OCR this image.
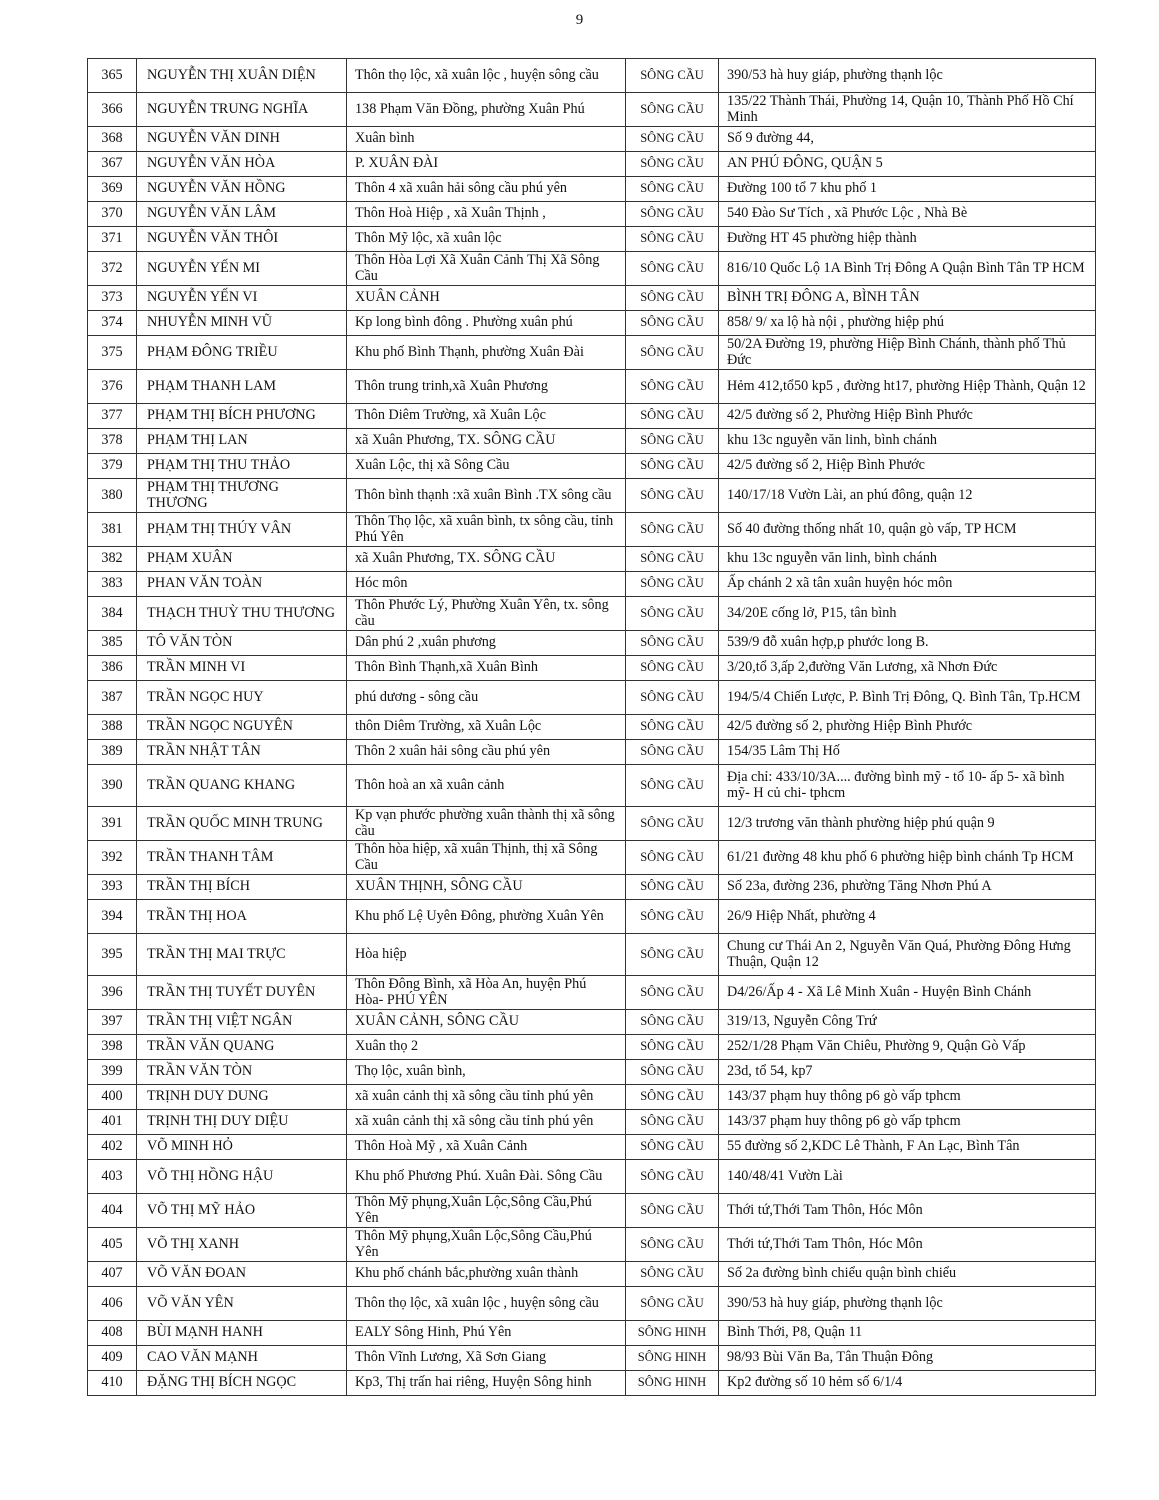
9
365	NGUYỄN THỊ XUÂN DIỆN	Thôn thọ lộc, xã xuân lộc , huyện sông cầu	SÔNG CẦU	390/53 hà huy giáp, phường thạnh lộc
366	NGUYỄN TRUNG NGHĨA	138 Phạm Văn Đồng, phường Xuân Phú	SÔNG CẦU	135/22 Thành Thái, Phường 14, Quận 10, Thành Phố Hồ Chí Minh
368	NGUYỄN VĂN DINH	Xuân bình	SÔNG CẦU	Số 9 đường 44,
367	NGUYỄN VĂN HÒA	P. XUÂN ĐÀI	SÔNG CẦU	AN PHÚ ĐÔNG, QUẬN 5
369	NGUYỄN VĂN HỒNG	Thôn 4 xã xuân hải sông cầu phú yên	SÔNG CẦU	Đường 100 tổ 7 khu phố 1
370	NGUYỄN VĂN LÂM	Thôn Hoà Hiệp , xã Xuân Thịnh ,	SÔNG CẦU	540 Đào Sư Tích , xã Phước Lộc , Nhà Bè
371	NGUYỄN VĂN THÔI	Thôn Mỹ lộc, xã xuân lộc	SÔNG CẦU	Đường HT 45 phường hiệp thành
372	NGUYỄN YẾN MI	Thôn Hòa Lợi Xã Xuân Cảnh Thị Xã Sông Cầu	SÔNG CẦU	816/10 Quốc Lộ 1A Bình Trị Đông A Quận Bình Tân TP HCM
373	NGUYỄN YẾN VI	XUÂN CẢNH	SÔNG CẦU	BÌNH TRỊ ĐÔNG A, BÌNH TÂN
374	NHUYỄN MINH VŨ	Kp long bình đông . Phường xuân phú	SÔNG CẦU	858/ 9/ xa lộ hà nội , phường hiệp phú
375	PHẠM ĐÔNG TRIỀU	Khu phố Bình Thạnh, phường Xuân Đài	SÔNG CẦU	50/2A Đường 19, phường Hiệp Bình Chánh, thành phố Thủ Đức
376	PHẠM THANH LAM	Thôn trung trinh,xã Xuân Phương	SÔNG CẦU	Hẻm 412,tổ50 kp5 , đường ht17, phường Hiệp Thành, Quận 12
377	PHẠM THỊ BÍCH PHƯƠNG	Thôn Diêm Trường, xã Xuân Lộc	SÔNG CẦU	42/5 đường số 2, Phường Hiệp Bình Phước
378	PHẠM THỊ LAN	xã Xuân Phương, TX. SÔNG CẦU	SÔNG CẦU	khu 13c nguyễn văn linh, bình chánh
379	PHẠM THỊ THU THẢO	Xuân Lộc, thị xã Sông Cầu	SÔNG CẦU	42/5 đường số 2, Hiệp Bình Phước
380	PHẠM THỊ THƯƠNG THƯƠNG	Thôn bình thạnh :xã xuân Bình .TX sông cầu	SÔNG CẦU	140/17/18 Vườn Lài, an phú đông, quận 12
381	PHẠM THỊ THÚY VÂN	Thôn Thọ lộc, xã xuân bình, tx sông cầu, tỉnh Phú Yên	SÔNG CẦU	Số 40 đường thống nhất 10, quận gò vấp, TP HCM
382	PHẠM XUÂN	xã Xuân Phương, TX. SÔNG CẦU	SÔNG CẦU	khu 13c nguyễn văn linh, bình chánh
383	PHAN VĂN TOÀN	Hóc môn	SÔNG CẦU	Ấp chánh 2 xã tân xuân huyện hóc môn
384	THẠCH THUỲ THU THƯƠNG	Thôn Phước Lý, Phường Xuân Yên, tx. sông cầu	SÔNG CẦU	34/20E cống lở, P15, tân bình
385	TÔ VĂN TÒN	Dân phú 2 ,xuân phương	SÔNG CẦU	539/9 đỗ xuân hợp,p phước long B.
386	TRẦN MINH VI	Thôn Bình Thạnh,xã Xuân Bình	SÔNG CẦU	3/20,tổ 3,ấp 2,đường Văn Lương, xã Nhơn Đức
387	TRẦN NGỌC HUY	phú dương - sông cầu	SÔNG CẦU	194/5/4 Chiến Lược, P. Bình Trị Đông, Q. Bình Tân, Tp.HCM
388	TRẦN NGỌC NGUYÊN	thôn Diêm Trường, xã Xuân Lộc	SÔNG CẦU	42/5 đường số 2, phường Hiệp Bình Phước
389	TRẦN NHẬT TÂN	Thôn 2 xuân hải sông cầu phú yên	SÔNG CẦU	154/35 Lâm Thị Hố
390	TRẦN QUANG KHANG	Thôn hoà an xã xuân cảnh	SÔNG CẦU	Địa chỉ: 433/10/3A.... đường bình mỹ - tổ 10- ấp 5- xã bình mỹ- H củ chi- tphcm
391	TRẦN QUỐC MINH TRUNG	Kp vạn phước phường xuân thành thị xã sông cầu	SÔNG CẦU	12/3 trương văn thành phường hiệp phú quận 9
392	TRẦN THANH TÂM	Thôn hòa hiệp, xã xuân Thịnh, thị xã Sông Cầu	SÔNG CẦU	61/21 đường 48 khu phố 6 phường hiệp bình chánh Tp HCM
393	TRẦN THỊ BÍCH	XUÂN THỊNH, SÔNG CẦU	SÔNG CẦU	Số 23a, đường 236, phường Tăng Nhơn Phú A
394	TRẦN THỊ HOA	Khu phố Lệ Uyên Đông, phường Xuân Yên	SÔNG CẦU	26/9 Hiệp Nhất, phường 4
395	TRẦN THỊ MAI TRỰC	Hòa hiệp	SÔNG CẦU	Chung cư Thái An 2, Nguyễn Văn Quá, Phường Đông Hưng Thuận, Quận 12
396	TRẦN THỊ TUYẾT DUYÊN	Thôn Đông Bình, xã Hòa An, huyện Phú Hòa- PHÚ YÊN	SÔNG CẦU	D4/26/Ấp 4 - Xã Lê Minh Xuân - Huyện Bình Chánh
397	TRẦN THỊ VIỆT NGÂN	XUÂN CẢNH, SÔNG CẦU	SÔNG CẦU	319/13, Nguyễn Công Trứ
398	TRẦN VĂN QUANG	Xuân thọ 2	SÔNG CẦU	252/1/28 Phạm Văn Chiêu, Phường 9, Quận Gò Vấp
399	TRẦN VĂN TÒN	Thọ lộc, xuân bình,	SÔNG CẦU	23d, tổ 54, kp7
400	TRỊNH DUY DUNG	xã xuân cảnh thị xã sông cầu tỉnh phú yên	SÔNG CẦU	143/37 phạm huy thông p6 gò vấp tphcm
401	TRỊNH THỊ DUY DIỆU	xã xuân cảnh thị xã sông cầu tỉnh phú yên	SÔNG CẦU	143/37 phạm huy thông p6 gò vấp tphcm
402	VÕ MINH HỎ	Thôn Hoà Mỹ , xã Xuân Cảnh	SÔNG CẦU	55 đường số 2,KDC Lê Thành, F An Lạc, Bình Tân
403	VÕ THỊ HỒNG HẬU	Khu phố Phương Phú. Xuân Đài. Sông Cầu	SÔNG CẦU	140/48/41 Vườn Lài
404	VÕ THỊ MỸ HẢO	Thôn Mỹ phụng,Xuân Lộc,Sông Cầu,Phú Yên	SÔNG CẦU	Thới tứ,Thới Tam Thôn, Hóc Môn
405	VÕ THỊ XANH	Thôn Mỹ phụng,Xuân Lộc,Sông Cầu,Phú Yên	SÔNG CẦU	Thới tứ,Thới Tam Thôn, Hóc Môn
407	VÕ VĂN ĐOAN	Khu phố chánh bắc,phường xuân thành	SÔNG CẦU	Số 2a đường bình chiểu quận bình chiểu
406	VÕ VĂN YÊN	Thôn thọ lộc, xã xuân lộc , huyện sông cầu	SÔNG CẦU	390/53 hà huy giáp, phường thạnh lộc
408	BÙI MẠNH HANH	EALY Sông Hinh, Phú Yên	SÔNG HINH	Bình Thới, P8, Quận 11
409	CAO VĂN MẠNH	Thôn Vĩnh Lương, Xã Sơn Giang	SÔNG HINH	98/93 Bùi Văn Ba, Tân Thuận Đông
410	ĐẶNG THỊ BÍCH NGỌC	Kp3, Thị trấn hai riêng, Huyện Sông hinh	SÔNG HINH	Kp2 đường số 10 hẻm số 6/1/4
